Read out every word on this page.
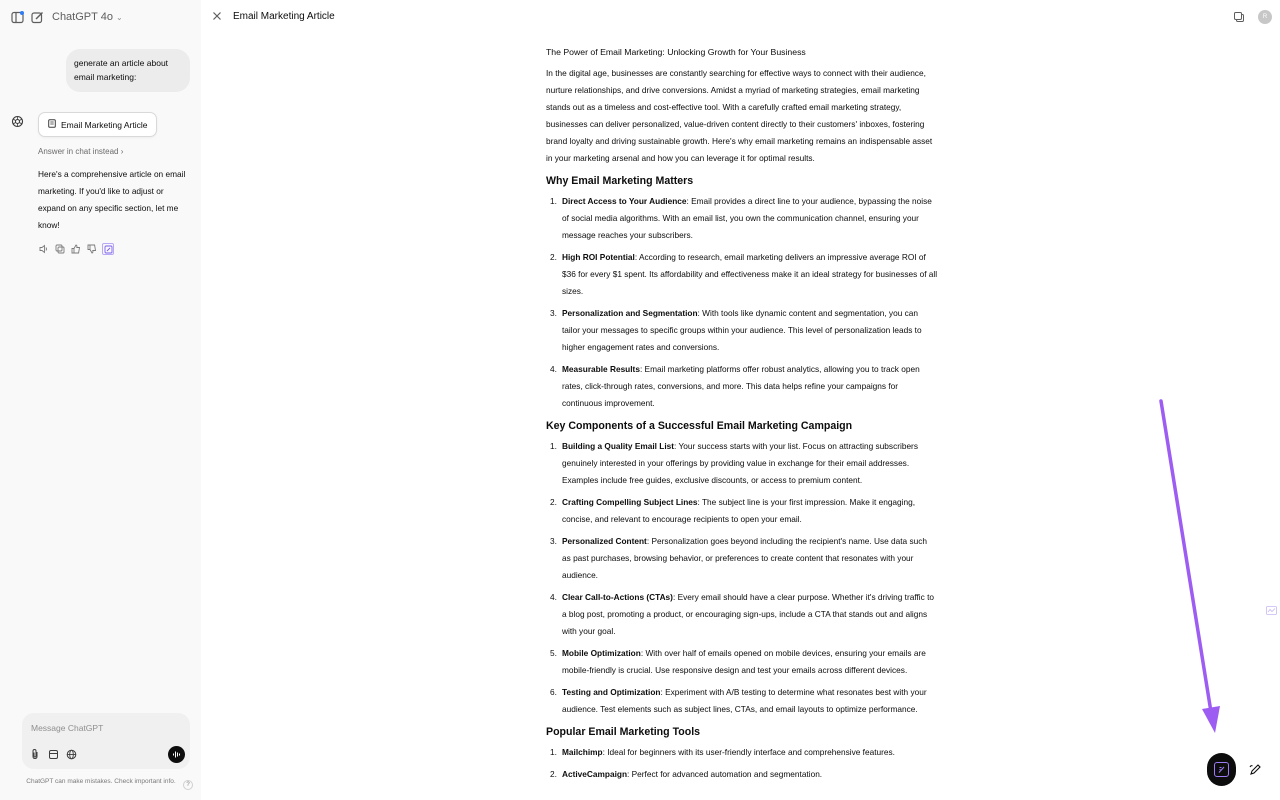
ChatGPT 4o ⌄
generate an article about email marketing:
Email Marketing Article
Answer in chat instead ›
Here's a comprehensive article on email marketing. If you'd like to adjust or expand on any specific section, let me know!
Message ChatGPT
ChatGPT can make mistakes. Check important info.	?
Email Marketing Article	R
The Power of Email Marketing: Unlocking Growth for Your Business

In the digital age, businesses are constantly searching for effective ways to connect with their audience, nurture relationships, and drive conversions. Amidst a myriad of marketing strategies, email marketing stands out as a timeless and cost-effective tool. With a carefully crafted email marketing strategy, businesses can deliver personalized, value-driven content directly to their customers' inboxes, fostering brand loyalty and driving sustainable growth. Here's why email marketing remains an indispensable asset in your marketing arsenal and how you can leverage it for optimal results.

Why Email Marketing Matters
1. Direct Access to Your Audience: Email provides a direct line to your audience, bypassing the noise of social media algorithms. With an email list, you own the communication channel, ensuring your message reaches your subscribers.
2. High ROI Potential: According to research, email marketing delivers an impressive average ROI of $36 for every $1 spent. Its affordability and effectiveness make it an ideal strategy for businesses of all sizes.
3. Personalization and Segmentation: With tools like dynamic content and segmentation, you can tailor your messages to specific groups within your audience. This level of personalization leads to higher engagement rates and conversions.
4. Measurable Results: Email marketing platforms offer robust analytics, allowing you to track open rates, click-through rates, conversions, and more. This data helps refine your campaigns for continuous improvement.
Key Components of a Successful Email Marketing Campaign
1. Building a Quality Email List: Your success starts with your list. Focus on attracting subscribers genuinely interested in your offerings by providing value in exchange for their email addresses. Examples include free guides, exclusive discounts, or access to premium content.
2. Crafting Compelling Subject Lines: The subject line is your first impression. Make it engaging, concise, and relevant to encourage recipients to open your email.
3. Personalized Content: Personalization goes beyond including the recipient's name. Use data such as past purchases, browsing behavior, or preferences to create content that resonates with your audience.
4. Clear Call-to-Actions (CTAs): Every email should have a clear purpose. Whether it's driving traffic to a blog post, promoting a product, or encouraging sign-ups, include a CTA that stands out and aligns with your goal.
5. Mobile Optimization: With over half of emails opened on mobile devices, ensuring your emails are mobile-friendly is crucial. Use responsive design and test your emails across different devices.
6. Testing and Optimization: Experiment with A/B testing to determine what resonates best with your audience. Test elements such as subject lines, CTAs, and email layouts to optimize performance.
Popular Email Marketing Tools
1. Mailchimp: Ideal for beginners with its user-friendly interface and comprehensive features.
2. ActiveCampaign: Perfect for advanced automation and segmentation.
